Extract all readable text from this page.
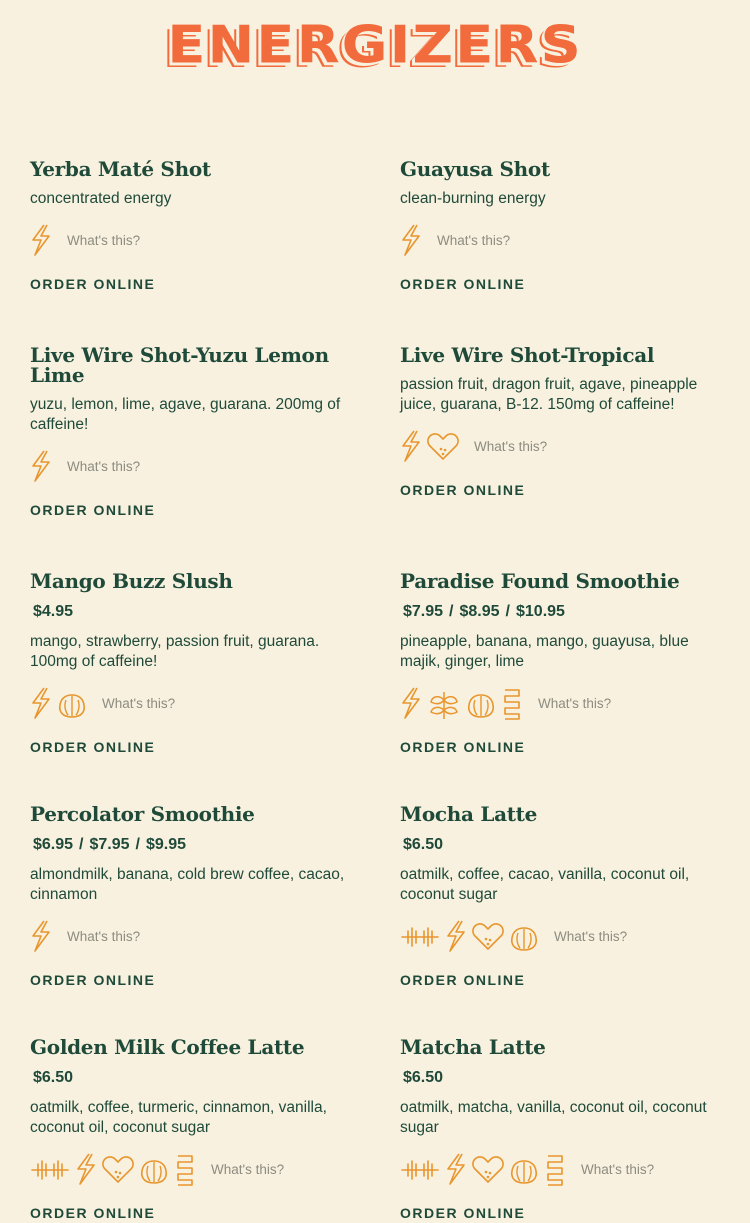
ENERGIZERS
Yerba Maté Shot
concentrated energy
What's this?
ORDER ONLINE
Guayusa Shot
clean-burning energy
What's this?
ORDER ONLINE
Live Wire Shot-Yuzu Lemon Lime
yuzu, lemon, lime, agave, guarana. 200mg of caffeine!
What's this?
ORDER ONLINE
Live Wire Shot-Tropical
passion fruit, dragon fruit, agave, pineapple juice, guarana, B-12. 150mg of caffeine!
What's this?
ORDER ONLINE
Mango Buzz Slush
$4.95
mango, strawberry, passion fruit, guarana. 100mg of caffeine!
What's this?
ORDER ONLINE
Paradise Found Smoothie
$7.95 / $8.95 / $10.95
pineapple, banana, mango, guayusa, blue majik, ginger, lime
What's this?
ORDER ONLINE
Percolator Smoothie
$6.95 / $7.95 / $9.95
almondmilk, banana, cold brew coffee, cacao, cinnamon
What's this?
ORDER ONLINE
Mocha Latte
$6.50
oatmilk, coffee, cacao, vanilla, coconut oil, coconut sugar
What's this?
ORDER ONLINE
Golden Milk Coffee Latte
$6.50
oatmilk, coffee, turmeric, cinnamon, vanilla, coconut oil, coconut sugar
What's this?
ORDER ONLINE
Matcha Latte
$6.50
oatmilk, matcha, vanilla, coconut oil, coconut sugar
What's this?
ORDER ONLINE
